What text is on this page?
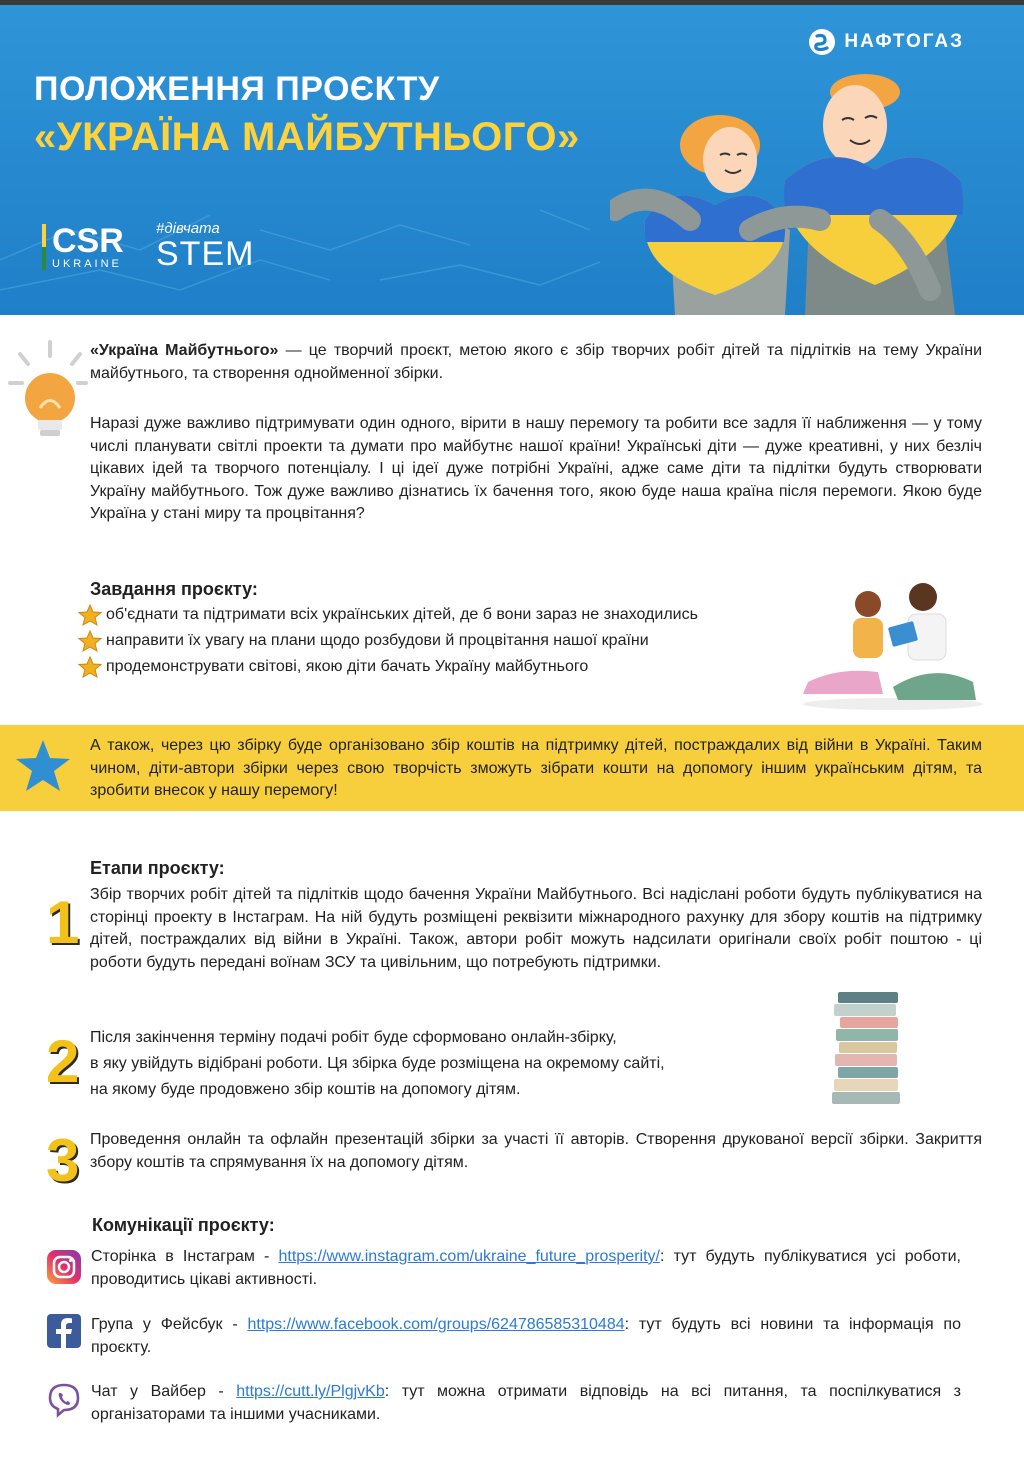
НАФТОГАЗ
ПОЛОЖЕННЯ ПРОЄКТУ
«УКРАЇНА МАЙБУТНЬОГО»
CSR
UKRAINE
#дівчата
STEM
«Україна Майбутнього» — це творчий проєкт, метою якого є збір творчих робіт дітей та підлітків на тему України майбутнього, та створення однойменної збірки.
Наразі дуже важливо підтримувати один одного, вірити в нашу перемогу та робити все задля її наближення — у тому числі планувати світлі проекти та думати про майбутнє нашої країни! Українські діти — дуже креативні, у них безліч цікавих ідей та творчого потенціалу. І ці ідеї дуже потрібні Україні, адже саме діти та підлітки будуть створювати Україну майбутнього. Тож дуже важливо дізнатись їх бачення того, якою буде наша країна після перемоги. Якою буде Україна у стані миру та процвітання?
Завдання проєкту:
об'єднати та підтримати всіх українських дітей, де б вони зараз не знаходились
направити їх увагу на плани щодо розбудови й процвітання нашої країни
продемонструвати світові, якою діти бачать Україну майбутнього
А також, через цю збірку буде організовано збір коштів на підтримку дітей, постраждалих від війни в Україні. Таким чином, діти-автори збірки через свою творчість зможуть зібрати кошти на допомогу іншим українським дітям, та зробити внесок у нашу перемогу!
Етапи проєкту:
1 Збір творчих робіт дітей та підлітків щодо бачення України Майбутнього. Всі надіслані роботи будуть публікуватися на сторінці проекту в Інстаграм. На ній будуть розміщені реквізити міжнародного рахунку для збору коштів на підтримку дітей, постраждалих від війни в Україні. Також, автори робіт можуть надсилати оригінали своїх робіт поштою - ці роботи будуть передані воїнам ЗСУ та цивільним, що потребують підтримки.
2 Після закінчення терміну подачі робіт буде сформовано онлайн-збірку,
в яку увійдуть відібрані роботи. Ця збірка буде розміщена на окремому сайті,
на якому буде продовжено збір коштів на допомогу дітям.
3 Проведення онлайн та офлайн презентацій збірки за участі її авторів. Створення друкованої версії збірки. Закриття збору коштів та спрямування їх на допомогу дітям.
Комунікації проєкту:
Сторінка в Інстаграм - https://www.instagram.com/ukraine_future_prosperity/: тут будуть публікуватися усі роботи, проводитись цікаві активності.
Група у Фейсбук - https://www.facebook.com/groups/624786585310484: тут будуть всі новини та інформація по проєкту.
Чат у Вайбер - https://cutt.ly/PlgjvKb: тут можна отримати відповідь на всі питання, та поспілкуватися з організаторами та іншими учасниками.
